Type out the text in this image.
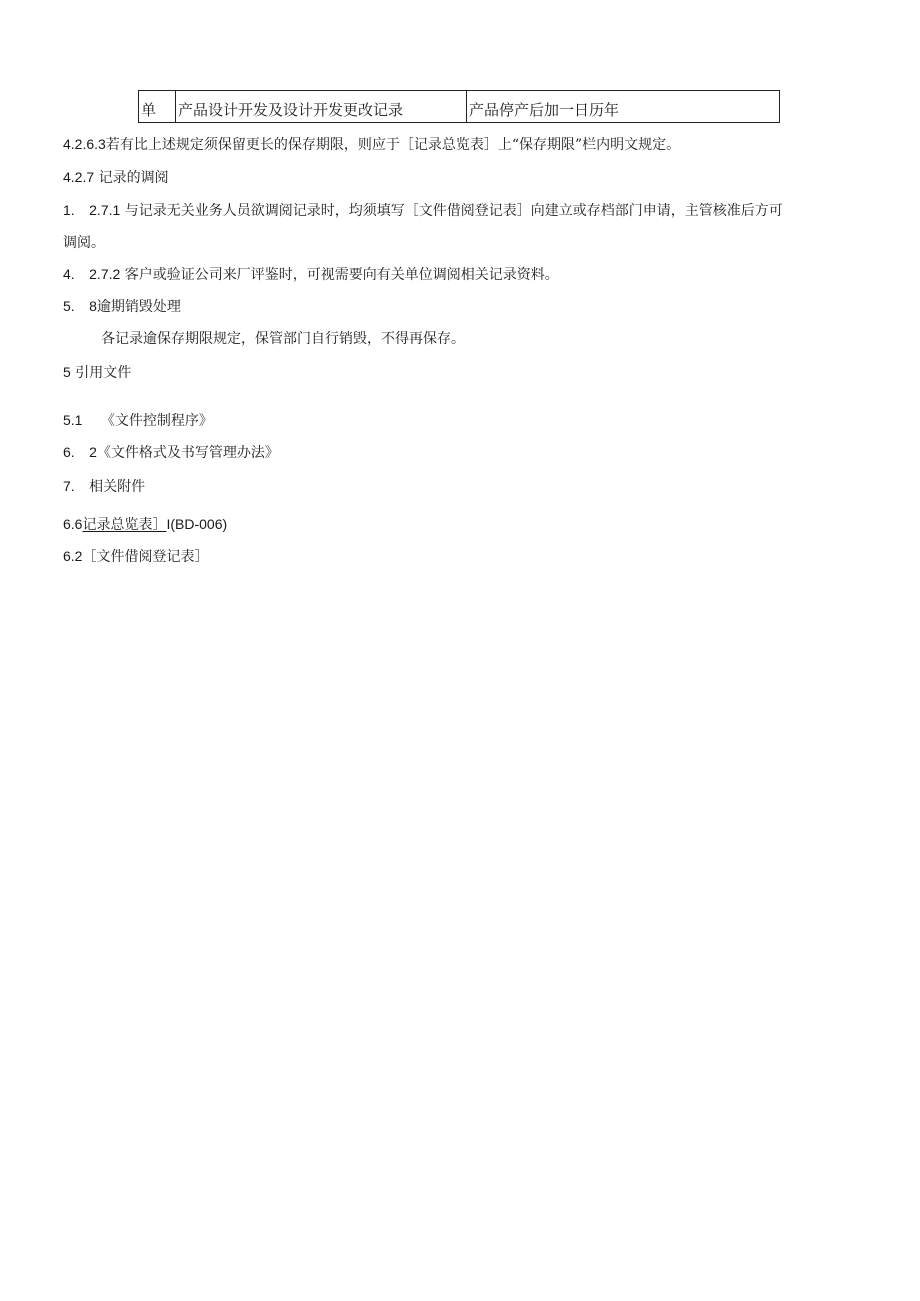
单	产品设计开发及设计开发更改记录	产品停产后加一日历年
4.2.6.3若有比上述规定须保留更长的保存期限，则应于［记录总览表］上“保存期限”栏内明文规定。
4.2.7 记录的调阅
1. 2.7.1 与记录无关业务人员欲调阅记录时，均须填写［文件借阅登记表］向建立或存档部门申请，主管核准后方可
调阅。
4. 2.7.2 客户或验证公司来厂评鉴时，可视需要向有关单位调阅相关记录资料。
5. 8逾期销毁处理
各记录逾保存期限规定，保管部门自行销毁，不得再保存。
5 引用文件
5.1 《文件控制程序》
6. 2《文件格式及书写管理办法》
7. 相关附件
6.6记录总览表］I(BD-006)
6.2［文件借阅登记表］
